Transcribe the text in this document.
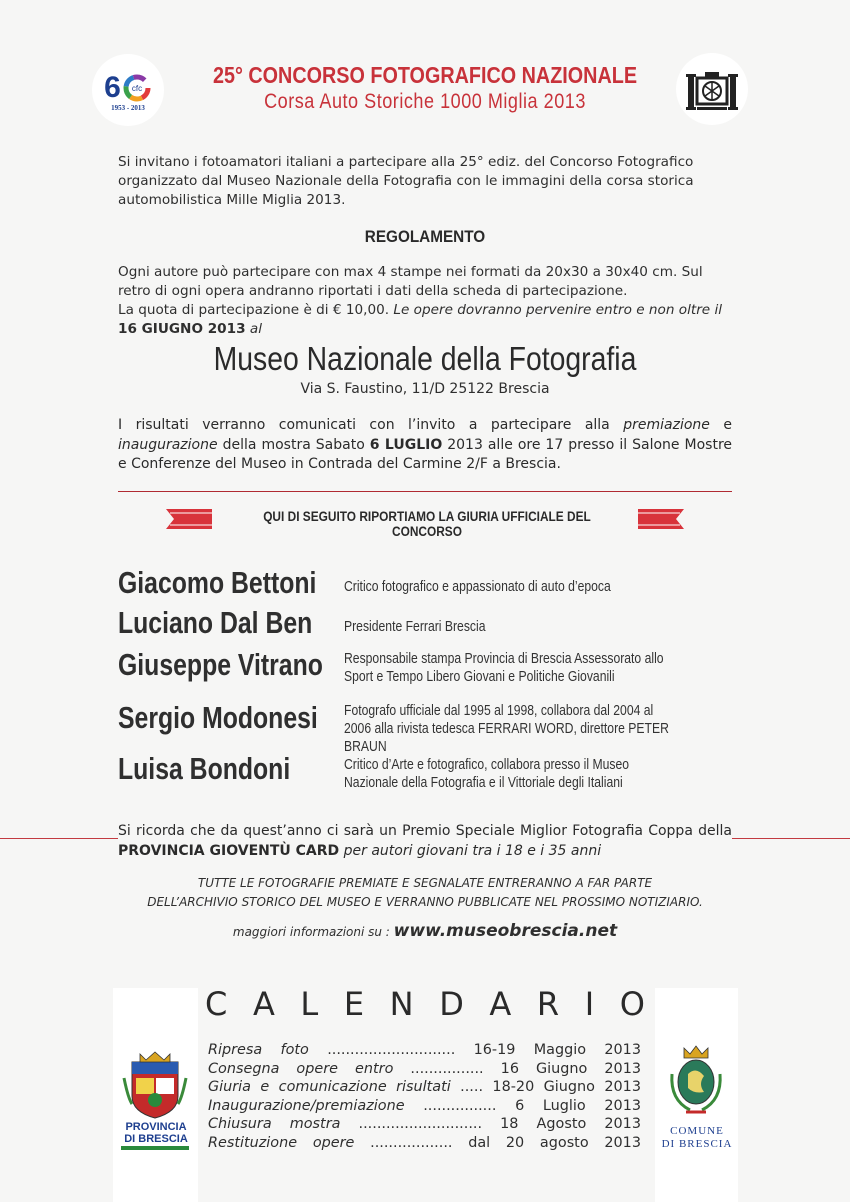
6 cfc
1953 - 2013
25° CONCORSO FOTOGRAFICO NAZIONALE
Corsa Auto Storiche 1000 Miglia 2013
Si invitano i fotoamatori italiani a partecipare alla 25° ediz. del Concorso Fotografico organizzato dal Museo Nazionale della Fotografia con le immagini della corsa storica automobilistica Mille Miglia 2013.
REGOLAMENTO
Ogni autore può partecipare con max 4 stampe nei formati da 20x30 a 30x40 cm. Sul retro di ogni opera andranno riportati i dati della scheda di partecipazione.
La quota di partecipazione è di € 10,00. Le opere dovranno pervenire entro e non oltre il 16 GIUGNO 2013 al
Museo Nazionale della Fotografia
Via S. Faustino, 11/D 25122 Brescia
I risultati verranno comunicati con l’invito a partecipare alla premiazione e inaugurazione della mostra Sabato 6 LUGLIO 2013 alle ore 17 presso il Salone Mostre e Conferenze del Museo in Contrada del Carmine 2/F a Brescia.
QUI DI SEGUITO RIPORTIAMO LA GIURIA UFFICIALE DEL CONCORSO
Giacomo Bettoni Critico fotografico e appassionato di auto d’epoca
Luciano Dal Ben Presidente Ferrari Brescia
Giuseppe Vitrano Responsabile stampa Provincia di Brescia Assessorato allo Sport e Tempo Libero Giovani e Politiche Giovanili
Sergio Modonesi Fotografo ufficiale dal 1995 al 1998, collabora dal 2004 al 2006 alla rivista tedesca FERRARI WORD, direttore PETER BRAUN
Luisa Bondoni	Critico d’Arte e fotografico, collabora presso il Museo Nazionale della Fotografia e il Vittoriale degli Italiani
Si ricorda che da quest’anno ci sarà un Premio Speciale Miglior Fotografia Coppa della PROVINCIA GIOVENTÙ CARD per autori giovani tra i 18 e i 35 anni
TUTTE LE FOTOGRAFIE PREMIATE E SEGNALATE ENTRERANNO A FAR PARTE
DELL’ARCHIVIO STORICO DEL MUSEO E VERRANNO PUBBLICATE NEL PROSSIMO NOTIZIARIO.
maggiori informazioni su : www.museobrescia.net
C A L E N D A R I O
Ripresa foto ............................ 16-19 Maggio 2013
Consegna opere entro ................ 16 Giugno 2013
Giuria e comunicazione risultati ..... 18-20 Giugno 2013
Inaugurazione/premiazione ................ 6 Luglio 2013
Chiusura mostra ........................... 18 Agosto 2013
Restituzione opere .................. dal 20 agosto 2013
PROVINCIA
DI BRESCIA
COMUNE
DI BRESCIA
